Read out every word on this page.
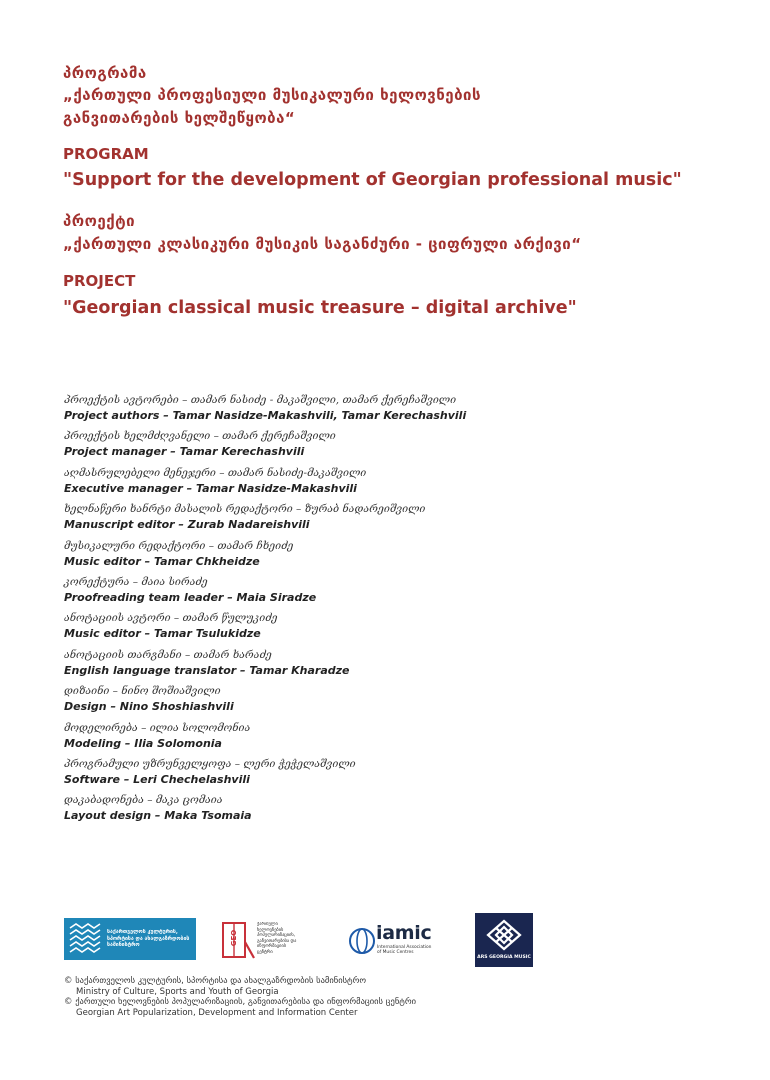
პროგრამა
„ქართული პროფესიული მუსიკალური ხელოვნების
განვითარების ხელშეწყობა“
PROGRAM
"Support for the development of Georgian professional music"
პროექტი
„ქართული კლასიკური მუსიკის საგანძური - ციფრული არქივი“
PROJECT
"Georgian classical music treasure – digital archive"
პროექტის ავტორები – თამარ ნასიძე - მაკაშვილი, თამარ ქერეჩაშვილი
Project authors – Tamar Nasidze-Makashvili, Tamar Kerechashvili
პროექტის ხელმძღვანელი – თამარ ქერეჩაშვილი
Project manager – Tamar Kerechashvili
აღმასრულებელი მენეჯერი – თამარ ნასიძე-მაკაშვილი
Executive manager – Tamar Nasidze-Makashvili
ხელნაწერი ხანრტი მასალის რედაქტორი – ზურაბ ნადარეიშვილი
Manuscript editor – Zurab Nadareishvili
მუსიკალური რედაქტორი – თამარ ჩხეიძე
Music editor – Tamar Chkheidze
კორექტურა – მაია სირაძე
Proofreading team leader – Maia Siradze
ანოტაციის ავტორი – თამარ წულუკიძე
Music editor – Tamar Tsulukidze
ანოტაციის თარგმანი – თამარ ხარაძე
English language translator – Tamar Kharadze
დიზაინი – ნინო შოშიაშვილი
Design – Nino Shoshiashvili
მოდელირება – ილია სოლომონია
Modeling – Ilia Solomonia
პროგრამული უზრუნველყოფა – ლერი ჭეჭელაშვილი
Software – Leri Chechelashvili
დაკაბადონება – მაკა ცომაია
Layout design – Maka Tsomaia
საქართველოს კულტურის, სპორტისა და ახალგაზრდობის სამინისტრო	GEO
ქართული ხელოვნების პოპულარიზაციის, განვითარებისა და ინფორმაციის ცენტრი
iamic
International Association of Music Centres
ARS GEORGIA MUSIC
© საქართველოს კულტურის, სპორტისა და ახალგაზრდობის სამინისტრო
Ministry of Culture, Sports and Youth of Georgia
© ქართული ხელოვნების პოპულარიზაციის, განვითარებისა და ინფორმაციის ცენტრი
Georgian Art Popularization, Development and Information Center
